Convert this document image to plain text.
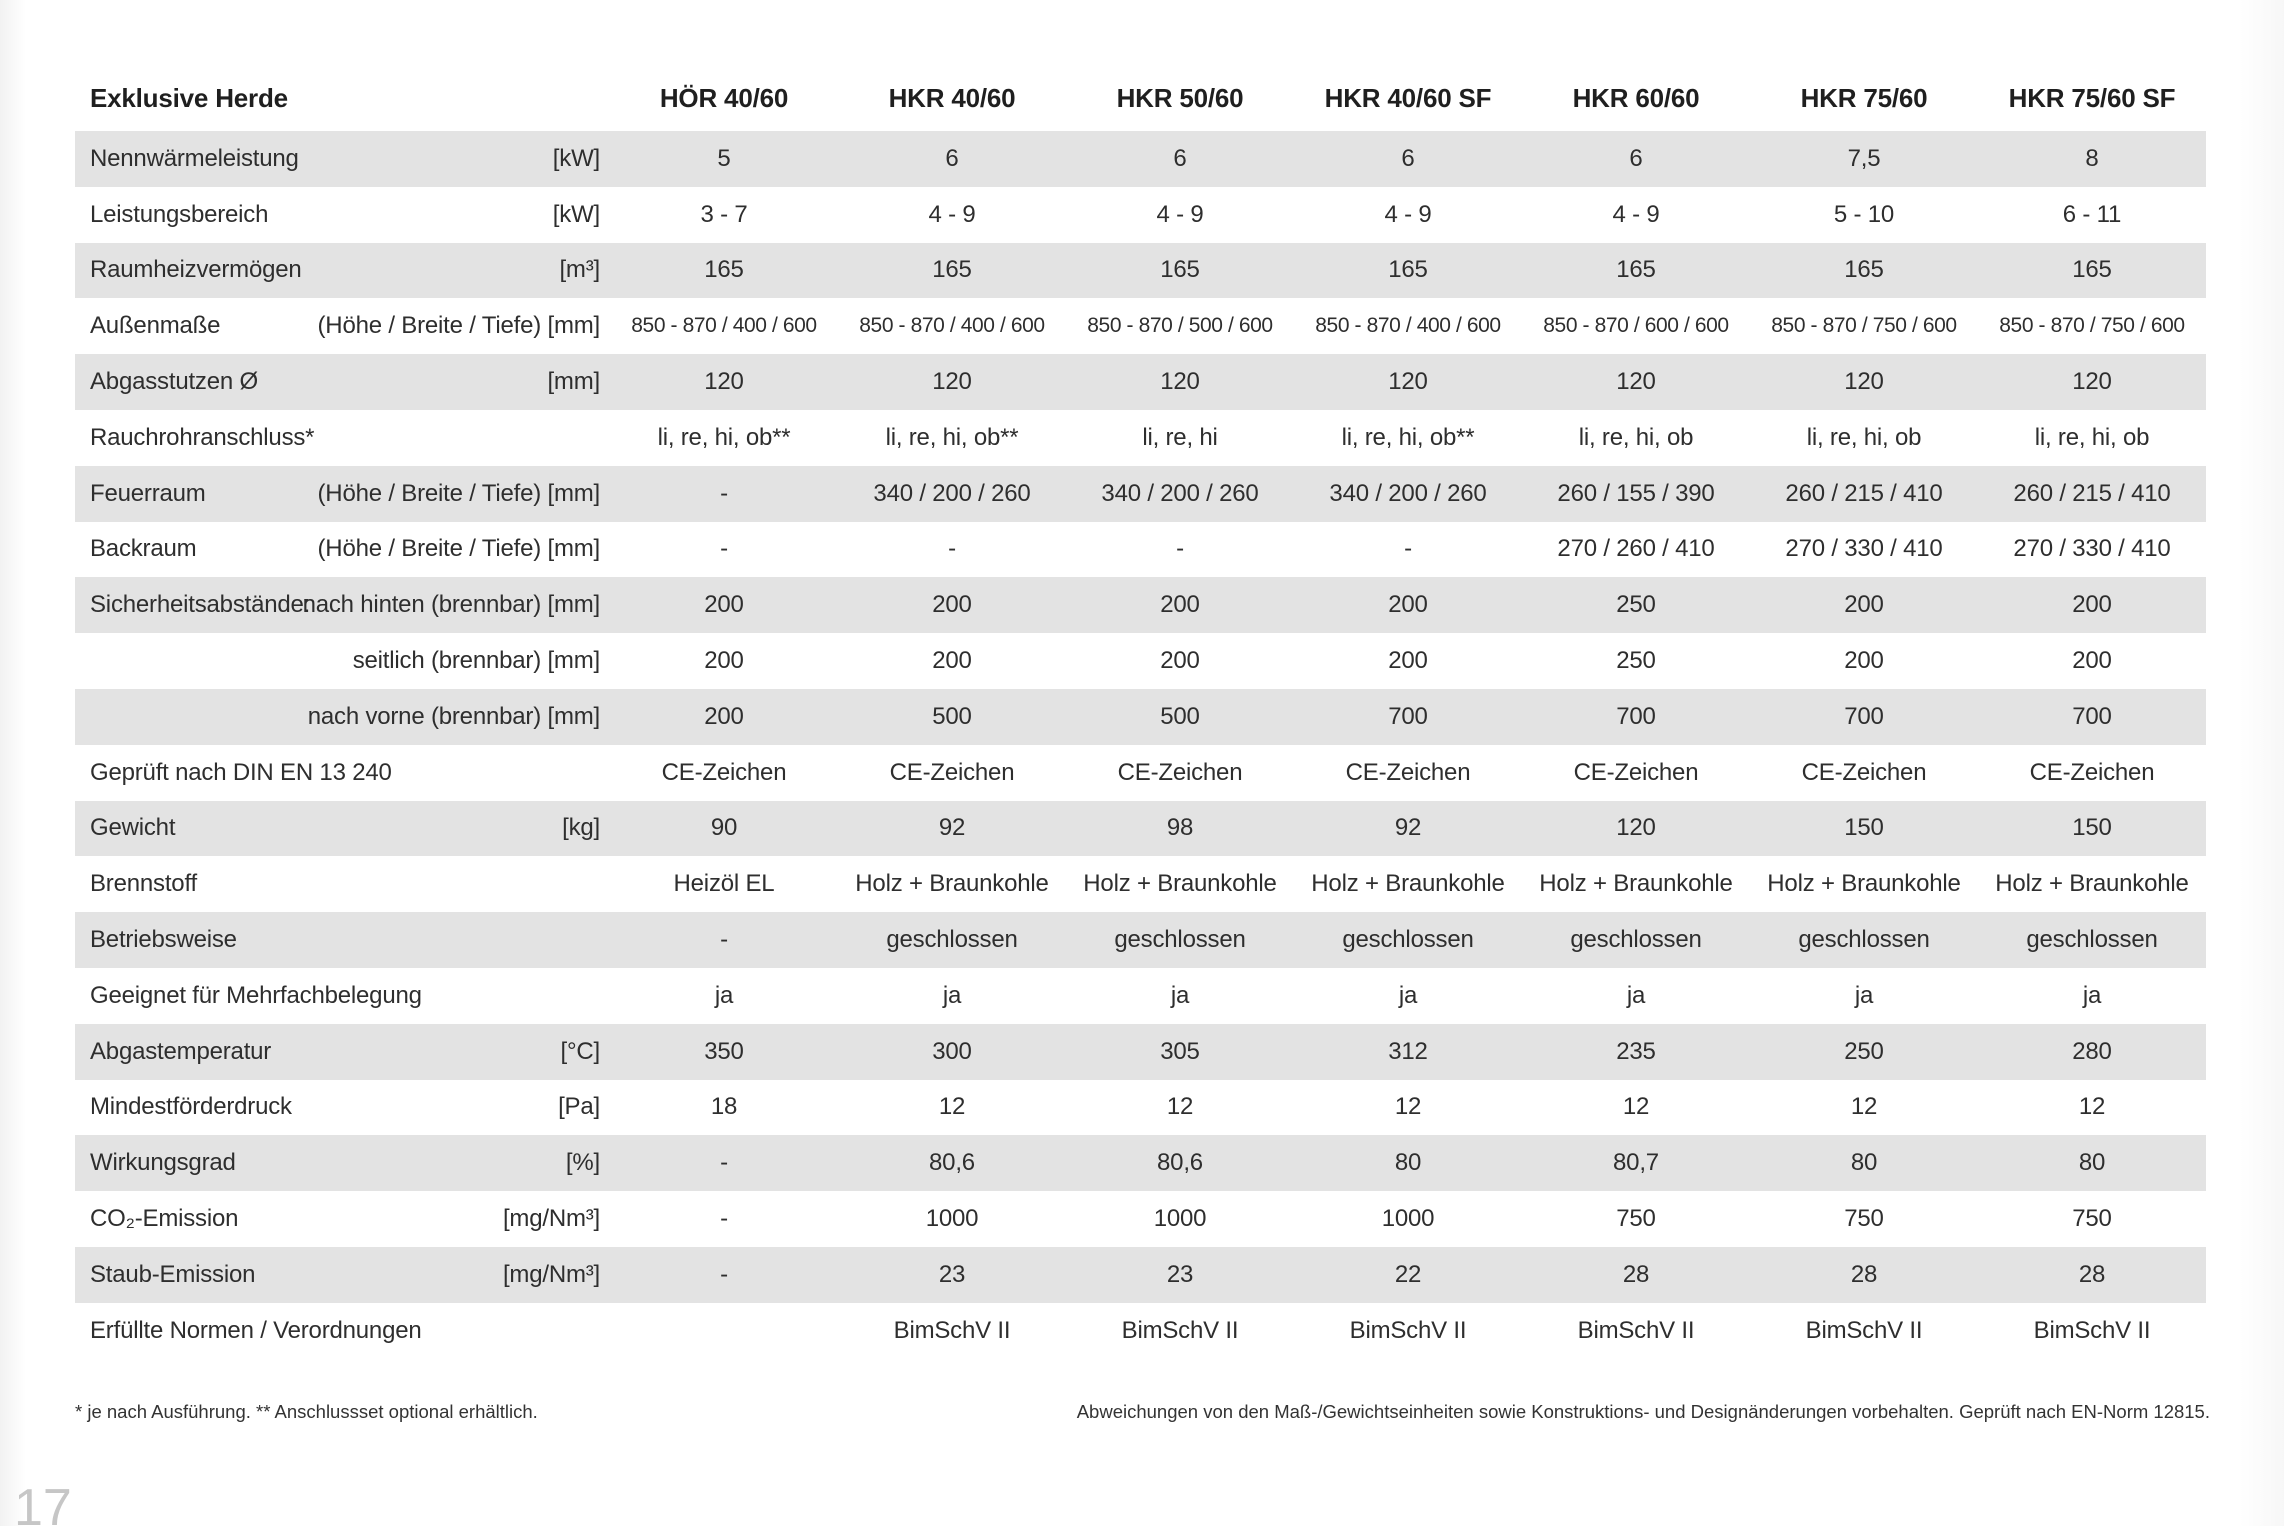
Exklusive Herde	HÖR 40/60	HKR 40/60	HKR 50/60	HKR 40/60 SF	HKR 60/60	HKR 75/60	HKR 75/60 SF

Nennwärmeleistung [kW]	5	6	6	6	6	7,5	8

Leistungsbereich [kW]	3 - 7	4 - 9	4 - 9	4 - 9	4 - 9	5 - 10	6 - 11

Raumheizvermögen [m³]	165	165	165	165	165	165	165

Außenmaße (Höhe / Breite / Tiefe) [mm]	850 - 870 / 400 / 600	850 - 870 / 400 / 600	850 - 870 / 500 / 600	850 - 870 / 400 / 600	850 - 870 / 600 / 600	850 - 870 / 750 / 600	850 - 870 / 750 / 600

Abgasstutzen Ø [mm]	120	120	120	120	120	120	120

Rauchrohranschluss*	li, re, hi, ob**	li, re, hi, ob**	li, re, hi	li, re, hi, ob**	li, re, hi, ob	li, re, hi, ob	li, re, hi, ob

Feuerraum (Höhe / Breite / Tiefe) [mm]	-	340 / 200 / 260	340 / 200 / 260	340 / 200 / 260	260 / 155 / 390	260 / 215 / 410	260 / 215 / 410

Backraum (Höhe / Breite / Tiefe) [mm]	-	-	-	-	270 / 260 / 410	270 / 330 / 410	270 / 330 / 410

Sicherheitsabstände:
nach hinten (brennbar) [mm]	200	200	200	200	250	200	200

seitlich (brennbar) [mm]	200	200	200	200	250	200	200

nach vorne (brennbar) [mm]	200	500	500	700	700	700	700

Geprüft nach DIN EN 13 240	CE-Zeichen	CE-Zeichen	CE-Zeichen	CE-Zeichen	CE-Zeichen	CE-Zeichen	CE-Zeichen

Gewicht [kg]	90	92	98	92	120	150	150

Brennstoff	Heizöl EL	Holz + Braunkohle	Holz + Braunkohle	Holz + Braunkohle	Holz + Braunkohle	Holz + Braunkohle	Holz + Braunkohle

Betriebsweise	-	geschlossen	geschlossen	geschlossen	geschlossen	geschlossen	geschlossen

Geeignet für Mehrfachbelegung	ja	ja	ja	ja	ja	ja	ja

Abgastemperatur [°C]	350	300	305	312	235	250	280

Mindestförderdruck [Pa]	18	12	12	12	12	12	12

Wirkungsgrad [%]	-	80,6	80,6	80	80,7	80	80

CO₂-Emission [mg/Nm³]	-	1000	1000	1000	750	750	750

Staub-Emission [mg/Nm³]	-	23	23	22	28	28	28

Erfüllte Normen / Verordnungen		BimSchV II	BimSchV II	BimSchV II	BimSchV II	BimSchV II	BimSchV II
* je nach Ausführung. ** Anschlussset optional erhältlich.	Abweichungen von den Maß-/Gewichtseinheiten sowie Konstruktions- und Designänderungen vorbehalten. Geprüft nach EN-Norm 12815.
17
